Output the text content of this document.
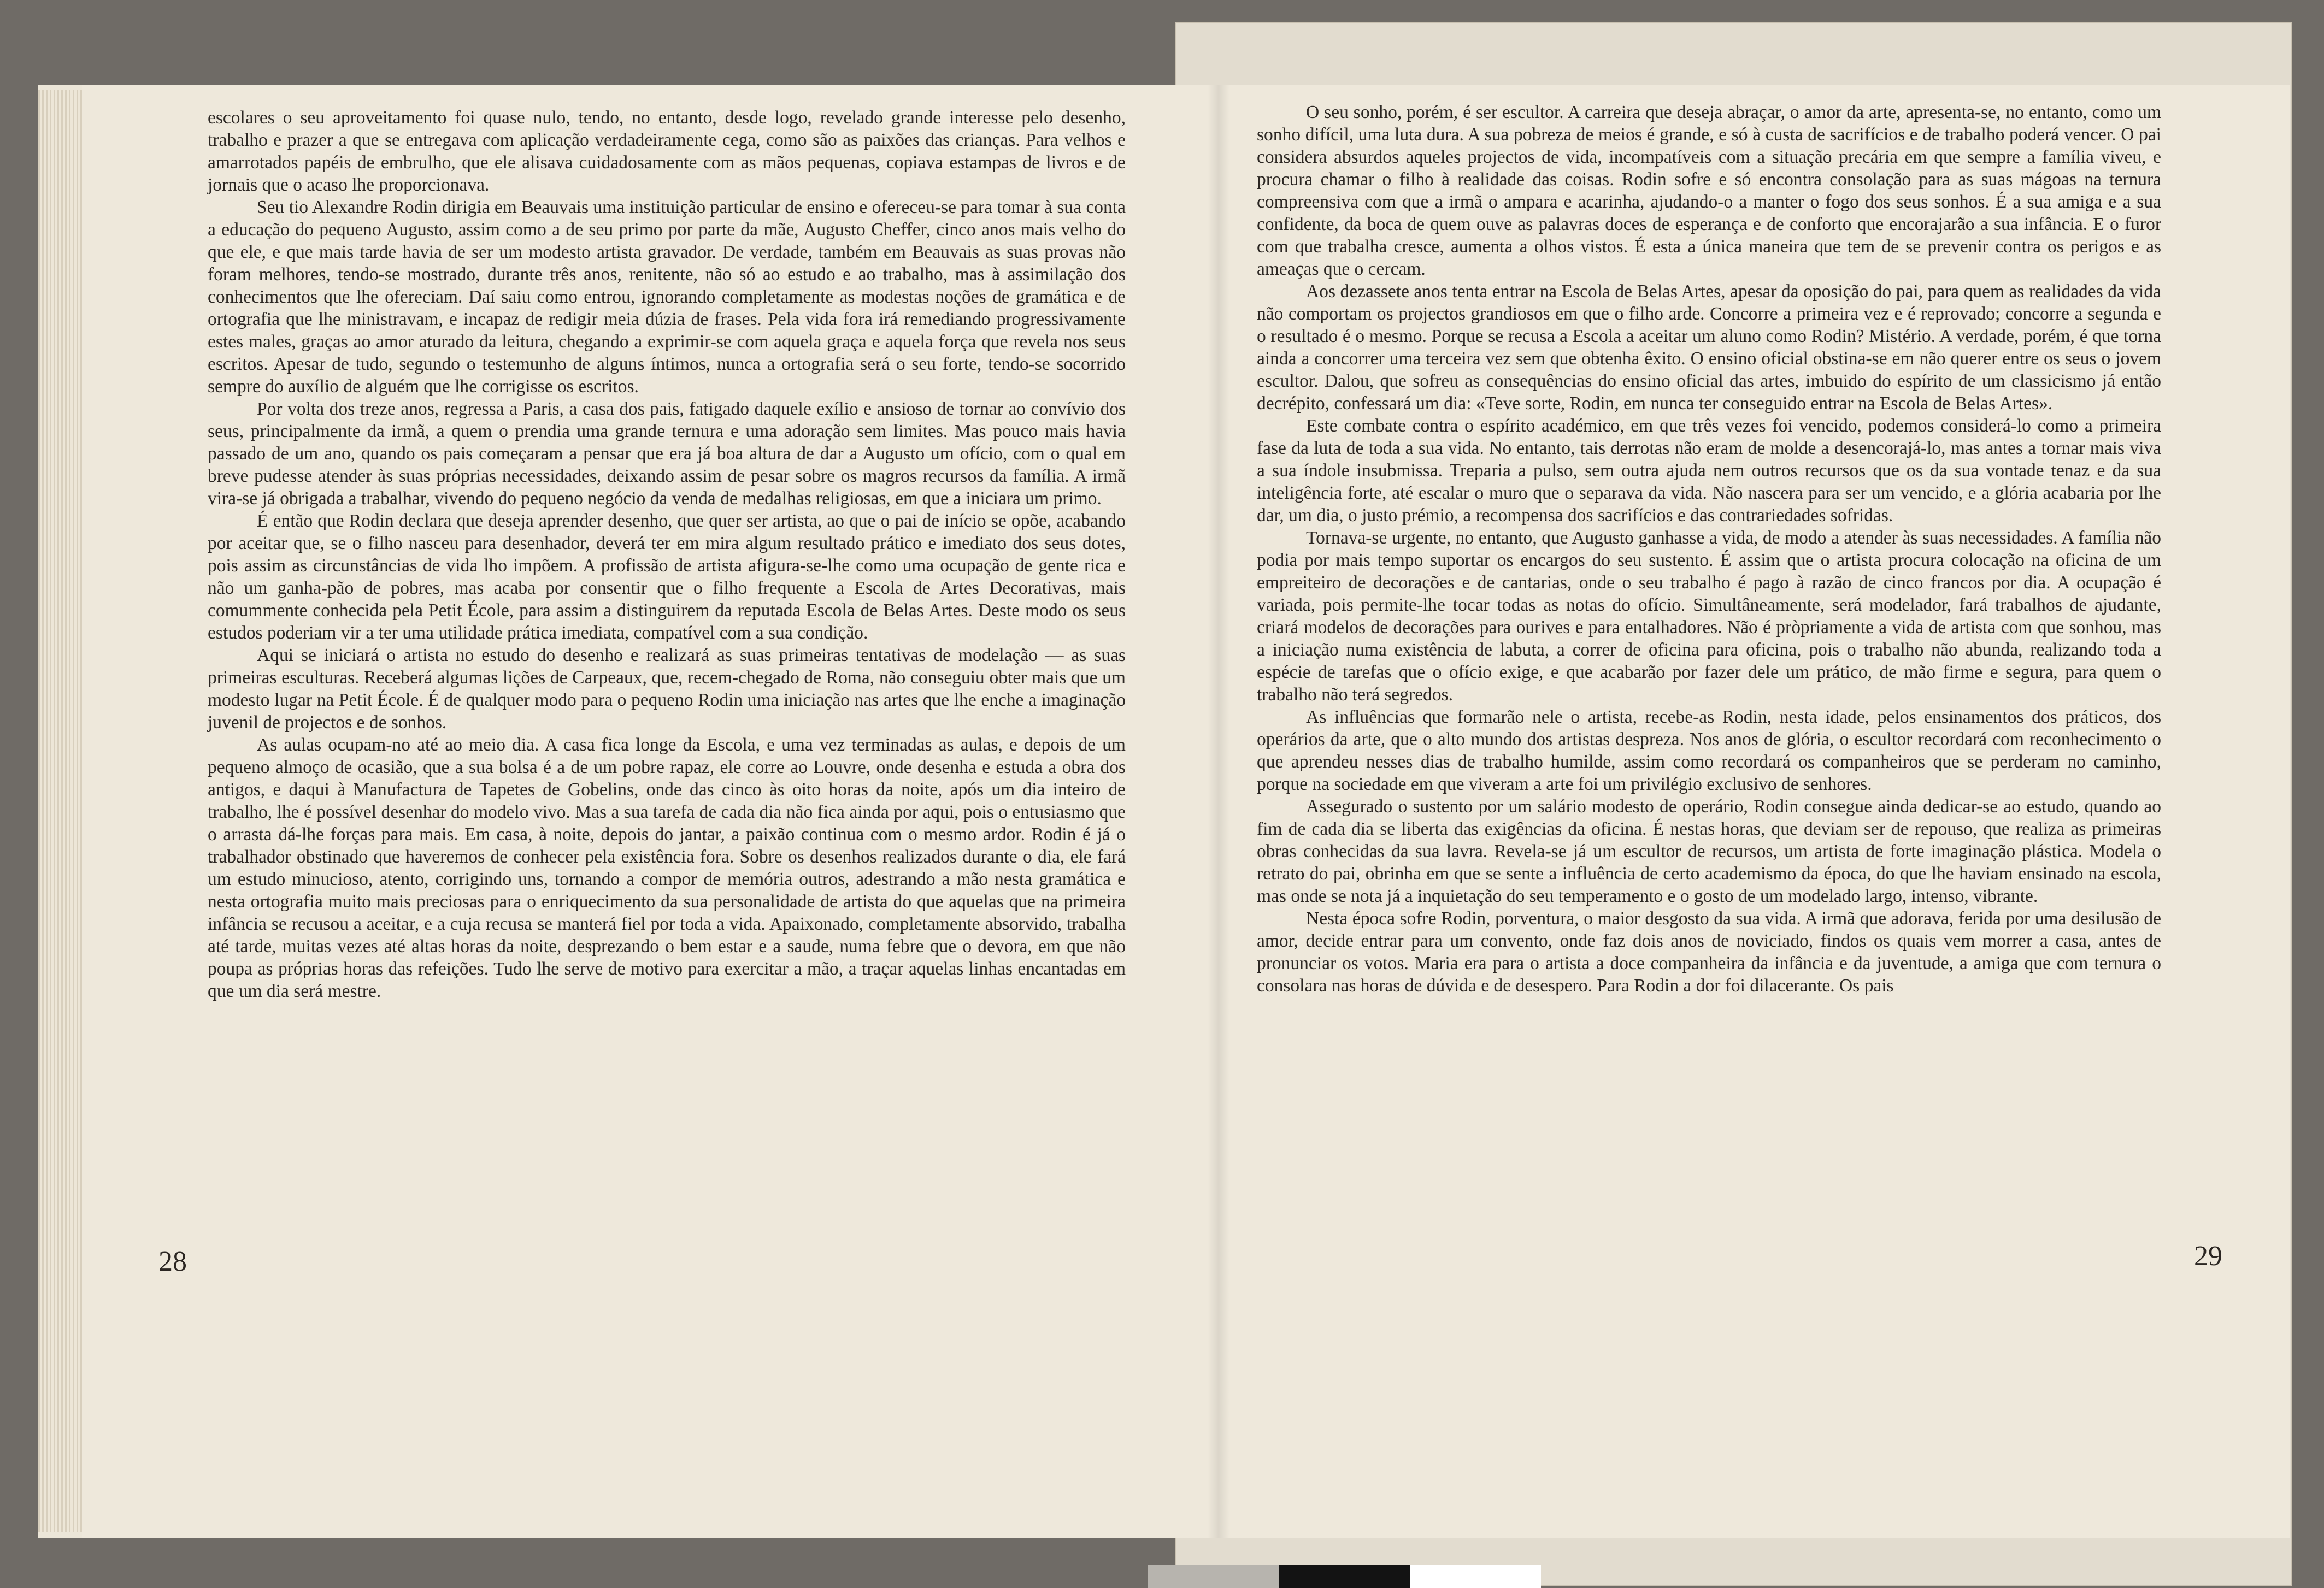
escolares o seu aproveitamento foi quase nulo, tendo, no entanto, desde logo, revelado grande interesse pelo desenho, trabalho e prazer a que se entregava com aplicação verdadeiramente cega, como são as paixões das crianças. Para velhos e amarrotados papéis de embrulho, que ele alisava cuidadosamente com as mãos pequenas, copiava estampas de livros e de jornais que o acaso lhe proporcionava.

Seu tio Alexandre Rodin dirigia em Beauvais uma instituição particular de ensino e ofereceu-se para tomar à sua conta a educação do pequeno Augusto, assim como a de seu primo por parte da mãe, Augusto Cheffer, cinco anos mais velho do que ele, e que mais tarde havia de ser um modesto artista gravador. De verdade, também em Beauvais as suas provas não foram melhores, tendo-se mostrado, durante três anos, renitente, não só ao estudo e ao trabalho, mas à assimilação dos conhecimentos que lhe ofereciam. Daí saiu como entrou, ignorando completamente as modestas noções de gramática e de ortografia que lhe ministravam, e incapaz de redigir meia dúzia de frases. Pela vida fora irá remediando progressivamente estes males, graças ao amor aturado da leitura, chegando a exprimir-se com aquela graça e aquela força que revela nos seus escritos. Apesar de tudo, segundo o testemunho de alguns íntimos, nunca a ortografia será o seu forte, tendo-se socorrido sempre do auxílio de alguém que lhe corrigisse os escritos.

Por volta dos treze anos, regressa a Paris, a casa dos pais, fatigado daquele exílio e ansioso de tornar ao convívio dos seus, principalmente da irmã, a quem o prendia uma grande ternura e uma adoração sem limites. Mas pouco mais havia passado de um ano, quando os pais começaram a pensar que era já boa altura de dar a Augusto um ofício, com o qual em breve pudesse atender às suas próprias necessidades, deixando assim de pesar sobre os magros recursos da família. A irmã vira-se já obrigada a trabalhar, vivendo do pequeno negócio da venda de medalhas religiosas, em que a iniciara um primo.

É então que Rodin declara que deseja aprender desenho, que quer ser artista, ao que o pai de início se opõe, acabando por aceitar que, se o filho nasceu para desenhador, deverá ter em mira algum resultado prático e imediato dos seus dotes, pois assim as circunstâncias de vida lho impõem. A profissão de artista afigura-se-lhe como uma ocupação de gente rica e não um ganha-pão de pobres, mas acaba por consentir que o filho frequente a Escola de Artes Decorativas, mais comummente conhecida pela Petit École, para assim a distinguirem da reputada Escola de Belas Artes. Deste modo os seus estudos poderiam vir a ter uma utilidade prática imediata, compatível com a sua condição.

Aqui se iniciará o artista no estudo do desenho e realizará as suas primeiras tentativas de modelação — as suas primeiras esculturas. Receberá algumas lições de Carpeaux, que, recem-chegado de Roma, não conseguiu obter mais que um modesto lugar na Petit École. É de qualquer modo para o pequeno Rodin uma iniciação nas artes que lhe enche a imaginação juvenil de projectos e de sonhos.

As aulas ocupam-no até ao meio dia. A casa fica longe da Escola, e uma vez terminadas as aulas, e depois de um pequeno almoço de ocasião, que a sua bolsa é a de um pobre rapaz, ele corre ao Louvre, onde desenha e estuda a obra dos antigos, e daqui à Manufactura de Tapetes de Gobelins, onde das cinco às oito horas da noite, após um dia inteiro de trabalho, lhe é possível desenhar do modelo vivo. Mas a sua tarefa de cada dia não fica ainda por aqui, pois o entusiasmo que o arrasta dá-lhe forças para mais. Em casa, à noite, depois do jantar, a paixão continua com o mesmo ardor. Rodin é já o trabalhador obstinado que haveremos de conhecer pela existência fora. Sobre os desenhos realizados durante o dia, ele fará um estudo minucioso, atento, corrigindo uns, tornando a compor de memória outros, adestrando a mão nesta gramática e nesta ortografia muito mais preciosas para o enriquecimento da sua personalidade de artista do que aquelas que na primeira infância se recusou a aceitar, e a cuja recusa se manterá fiel por toda a vida. Apaixonado, completamente absorvido, trabalha até tarde, muitas vezes até altas horas da noite, desprezando o bem estar e a saude, numa febre que o devora, em que não poupa as próprias horas das refeições. Tudo lhe serve de motivo para exercitar a mão, a traçar aquelas linhas encantadas em que um dia será mestre.

28

O seu sonho, porém, é ser escultor. A carreira que deseja abraçar, o amor da arte, apresenta-se, no entanto, como um sonho difícil, uma luta dura. A sua pobreza de meios é grande, e só à custa de sacrifícios e de trabalho poderá vencer. O pai considera absurdos aqueles projectos de vida, incompatíveis com a situação precária em que sempre a família viveu, e procura chamar o filho à realidade das coisas. Rodin sofre e só encontra consolação para as suas mágoas na ternura compreensiva com que a irmã o ampara e acarinha, ajudando-o a manter o fogo dos seus sonhos. É a sua amiga e a sua confidente, da boca de quem ouve as palavras doces de esperança e de conforto que encorajarão a sua infância. E o furor com que trabalha cresce, aumenta a olhos vistos. É esta a única maneira que tem de se prevenir contra os perigos e as ameaças que o cercam.

Aos dezassete anos tenta entrar na Escola de Belas Artes, apesar da oposição do pai, para quem as realidades da vida não comportam os projectos grandiosos em que o filho arde. Concorre a primeira vez e é reprovado; concorre a segunda e o resultado é o mesmo. Porque se recusa a Escola a aceitar um aluno como Rodin? Mistério. A verdade, porém, é que torna ainda a concorrer uma terceira vez sem que obtenha êxito. O ensino oficial obstina-se em não querer entre os seus o jovem escultor. Dalou, que sofreu as consequências do ensino oficial das artes, imbuido do espírito de um classicismo já então decrépito, confessará um dia: «Teve sorte, Rodin, em nunca ter conseguido entrar na Escola de Belas Artes».

Este combate contra o espírito académico, em que três vezes foi vencido, podemos considerá-lo como a primeira fase da luta de toda a sua vida. No entanto, tais derrotas não eram de molde a desencorajá-lo, mas antes a tornar mais viva a sua índole insubmissa. Treparia a pulso, sem outra ajuda nem outros recursos que os da sua vontade tenaz e da sua inteligência forte, até escalar o muro que o separava da vida. Não nascera para ser um vencido, e a glória acabaria por lhe dar, um dia, o justo prémio, a recompensa dos sacrifícios e das contrariedades sofridas.

Tornava-se urgente, no entanto, que Augusto ganhasse a vida, de modo a atender às suas necessidades. A família não podia por mais tempo suportar os encargos do seu sustento. É assim que o artista procura colocação na oficina de um empreiteiro de decorações e de cantarias, onde o seu trabalho é pago à razão de cinco francos por dia. A ocupação é variada, pois permite-lhe tocar todas as notas do ofício. Simultâneamente, será modelador, fará trabalhos de ajudante, criará modelos de decorações para ourives e para entalhadores. Não é pròpriamente a vida de artista com que sonhou, mas a iniciação numa existência de labuta, a correr de oficina para oficina, pois o trabalho não abunda, realizando toda a espécie de tarefas que o ofício exige, e que acabarão por fazer dele um prático, de mão firme e segura, para quem o trabalho não terá segredos.

As influências que formarão nele o artista, recebe-as Rodin, nesta idade, pelos ensinamentos dos práticos, dos operários da arte, que o alto mundo dos artistas despreza. Nos anos de glória, o escultor recordará com reconhecimento o que aprendeu nesses dias de trabalho humilde, assim como recordará os companheiros que se perderam no caminho, porque na sociedade em que viveram a arte foi um privilégio exclusivo de senhores.

Assegurado o sustento por um salário modesto de operário, Rodin consegue ainda dedicar-se ao estudo, quando ao fim de cada dia se liberta das exigências da oficina. É nestas horas, que deviam ser de repouso, que realiza as primeiras obras conhecidas da sua lavra. Revela-se já um escultor de recursos, um artista de forte imaginação plástica. Modela o retrato do pai, obrinha em que se sente a influência de certo academismo da época, do que lhe haviam ensinado na escola, mas onde se nota já a inquietação do seu temperamento e o gosto de um modelado largo, intenso, vibrante.

Nesta época sofre Rodin, porventura, o maior desgosto da sua vida. A irmã que adorava, ferida por uma desilusão de amor, decide entrar para um convento, onde faz dois anos de noviciado, findos os quais vem morrer a casa, antes de pronunciar os votos. Maria era para o artista a doce companheira da infância e da juventude, a amiga que com ternura o consolara nas horas de dúvida e de desespero. Para Rodin a dor foi dilacerante. Os pais

29
